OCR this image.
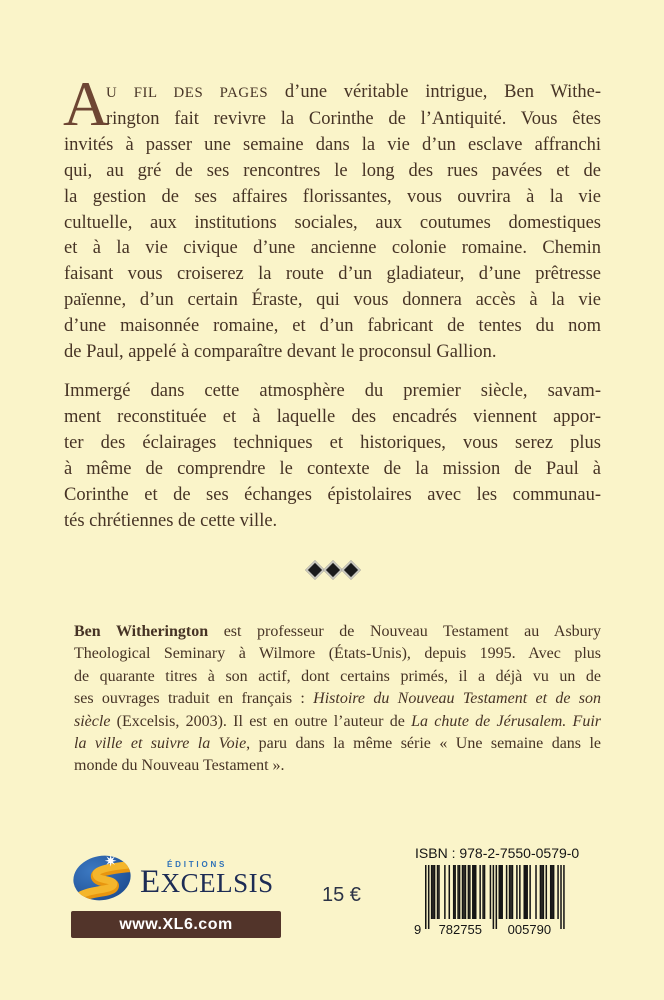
A
U FIL DES PAGES d’une véritable intrigue, Ben Withe-
rington fait revivre la Corinthe de l’Antiquité. Vous êtes
invités à passer une semaine dans la vie d’un esclave affranchi
qui, au gré de ses rencontres le long des rues pavées et de
la gestion de ses affaires florissantes, vous ouvrira à la vie
cultuelle, aux institutions sociales, aux coutumes domestiques
et à la vie civique d’une ancienne colonie romaine. Chemin
faisant vous croiserez la route d’un gladiateur, d’une prêtresse
païenne, d’un certain Éraste, qui vous donnera accès à la vie
d’une maisonnée romaine, et d’un fabricant de tentes du nom
de Paul, appelé à comparaître devant le proconsul Gallion.
Immergé dans cette atmosphère du premier siècle, savam-
ment reconstituée et à laquelle des encadrés viennent appor-
ter des éclairages techniques et historiques, vous serez plus
à même de comprendre le contexte de la mission de Paul à
Corinthe et de ses échanges épistolaires avec les communau-
tés chrétiennes de cette ville.
Ben Witherington est professeur de Nouveau Testament au Asbury
Theological Seminary à Wilmore (États-Unis), depuis 1995. Avec plus
de quarante titres à son actif, dont certains primés, il a déjà vu un de
ses ouvrages traduit en français : Histoire du Nouveau Testament et de son
siècle (Excelsis, 2003). Il est en outre l’auteur de La chute de Jérusalem. Fuir
la ville et suivre la Voie, paru dans la même série « Une semaine dans le
monde du Nouveau Testament ».
ÉDITIONS
EXCELSIS
www.XL6.com
15 €
ISBN : 978-2-7550-0579-0
9 782755 005790
